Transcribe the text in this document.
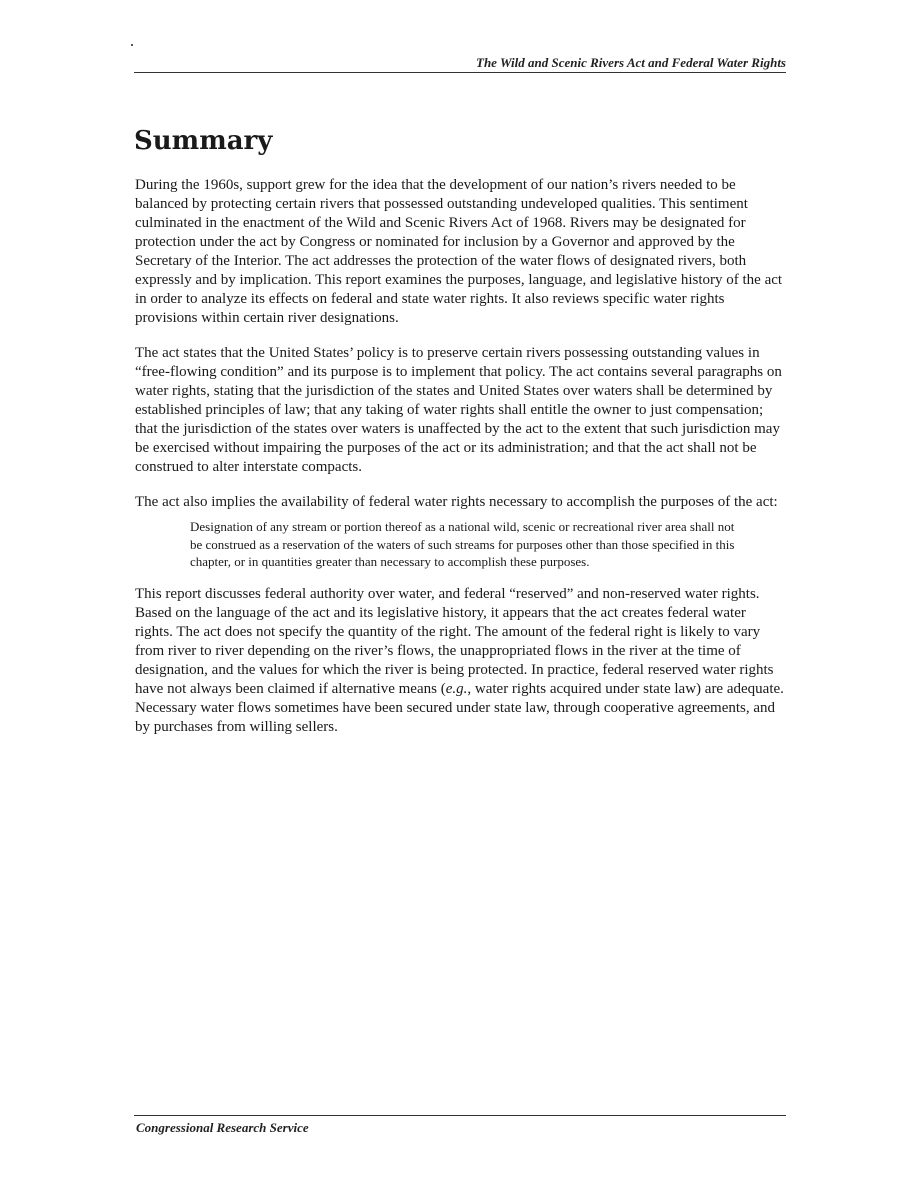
The Wild and Scenic Rivers Act and Federal Water Rights
Summary

During the 1960s, support grew for the idea that the development of our nation’s rivers needed to be balanced by protecting certain rivers that possessed outstanding undeveloped qualities. This sentiment culminated in the enactment of the Wild and Scenic Rivers Act of 1968. Rivers may be designated for protection under the act by Congress or nominated for inclusion by a Governor and approved by the Secretary of the Interior. The act addresses the protection of the water flows of designated rivers, both expressly and by implication. This report examines the purposes, language, and legislative history of the act in order to analyze its effects on federal and state water rights. It also reviews specific water rights provisions within certain river designations.

The act states that the United States’ policy is to preserve certain rivers possessing outstanding values in “free-flowing condition” and its purpose is to implement that policy. The act contains several paragraphs on water rights, stating that the jurisdiction of the states and United States over waters shall be determined by established principles of law; that any taking of water rights shall entitle the owner to just compensation; that the jurisdiction of the states over waters is unaffected by the act to the extent that such jurisdiction may be exercised without impairing the purposes of the act or its administration; and that the act shall not be construed to alter interstate compacts.

The act also implies the availability of federal water rights necessary to accomplish the purposes of the act:

Designation of any stream or portion thereof as a national wild, scenic or recreational river area shall not be construed as a reservation of the waters of such streams for purposes other than those specified in this chapter, or in quantities greater than necessary to accomplish these purposes.

This report discusses federal authority over water, and federal “reserved” and non-reserved water rights. Based on the language of the act and its legislative history, it appears that the act creates federal water rights. The act does not specify the quantity of the right. The amount of the federal right is likely to vary from river to river depending on the river’s flows, the unappropriated flows in the river at the time of designation, and the values for which the river is being protected. In practice, federal reserved water rights have not always been claimed if alternative means (e.g., water rights acquired under state law) are adequate. Necessary water flows sometimes have been secured under state law, through cooperative agreements, and by purchases from willing sellers.

Congressional Research Service
